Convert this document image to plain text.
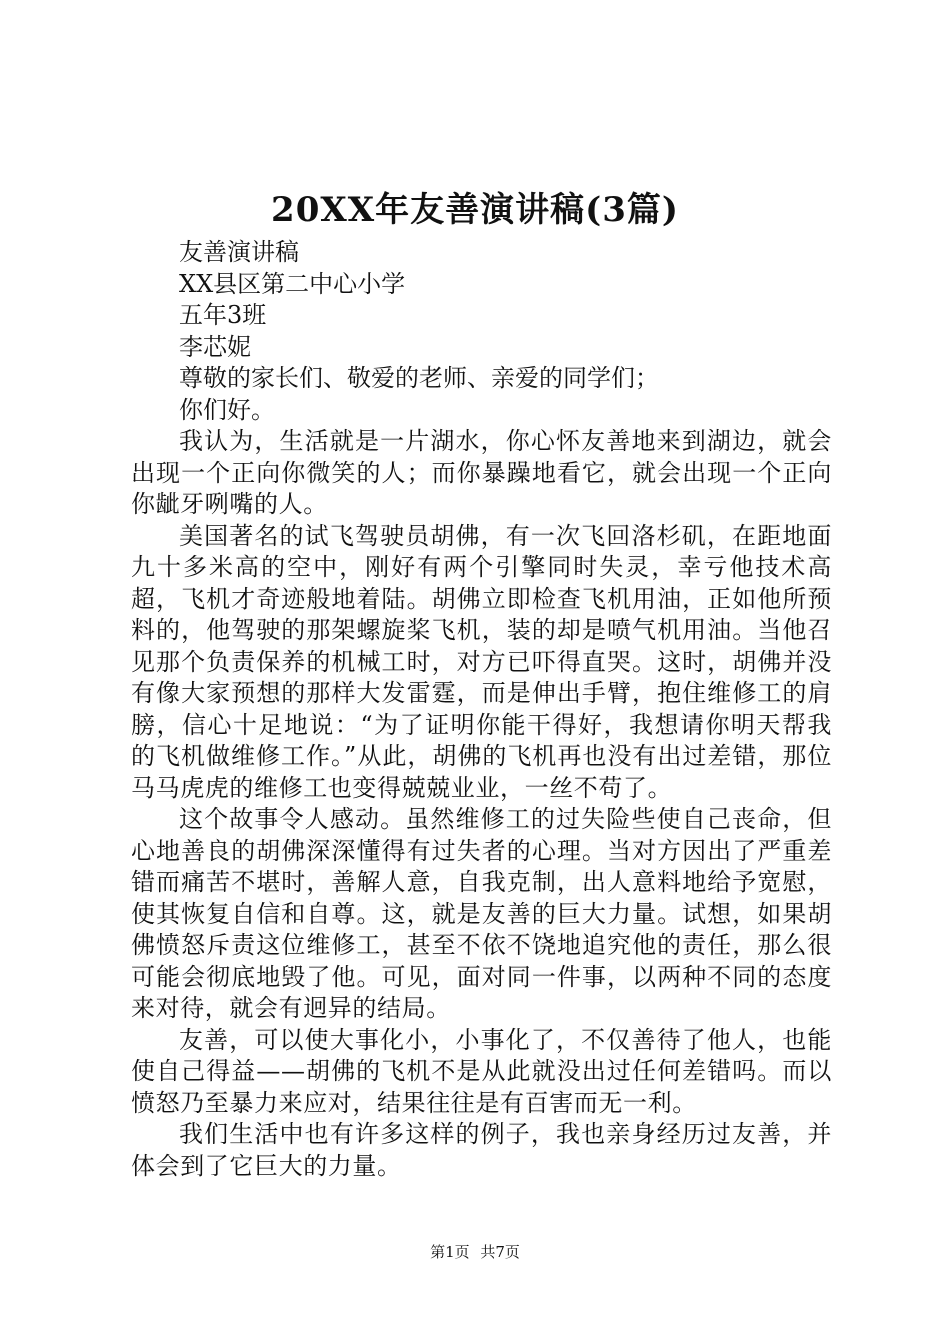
20XX年友善演讲稿(3篇)

友善演讲稿

XX县区第二中心小学

五年3班

李芯妮

尊敬的家长们、敬爱的老师、亲爱的同学们；

你们好。

我认为，生活就是一片湖水，你心怀友善地来到湖边，就会出现一个正向你微笑的人；而你暴躁地看它，就会出现一个正向你龇牙咧嘴的人。

美国著名的试飞驾驶员胡佛，有一次飞回洛杉矶，在距地面九十多米高的空中，刚好有两个引擎同时失灵，幸亏他技术高超，飞机才奇迹般地着陆。胡佛立即检查飞机用油，正如他所预料的，他驾驶的那架螺旋桨飞机，装的却是喷气机用油。当他召见那个负责保养的机械工时，对方已吓得直哭。这时，胡佛并没有像大家预想的那样大发雷霆，而是伸出手臂，抱住维修工的肩膀，信心十足地说：“为了证明你能干得好，我想请你明天帮我的飞机做维修工作。”从此，胡佛的飞机再也没有出过差错，那位马马虎虎的维修工也变得兢兢业业，一丝不苟了。

这个故事令人感动。虽然维修工的过失险些使自己丧命，但心地善良的胡佛深深懂得有过失者的心理。当对方因出了严重差错而痛苦不堪时，善解人意，自我克制，出人意料地给予宽慰，使其恢复自信和自尊。这，就是友善的巨大力量。试想，如果胡佛愤怒斥责这位维修工，甚至不依不饶地追究他的责任，那么很可能会彻底地毁了他。可见，面对同一件事，以两种不同的态度来对待，就会有迥异的结局。

友善，可以使大事化小，小事化了，不仅善待了他人，也能使自己得益——胡佛的飞机不是从此就没出过任何差错吗。而以愤怒乃至暴力来应对，结果往往是有百害而无一利。

我们生活中也有许多这样的例子，我也亲身经历过友善，并体会到了它巨大的力量。

第1页 共7页
